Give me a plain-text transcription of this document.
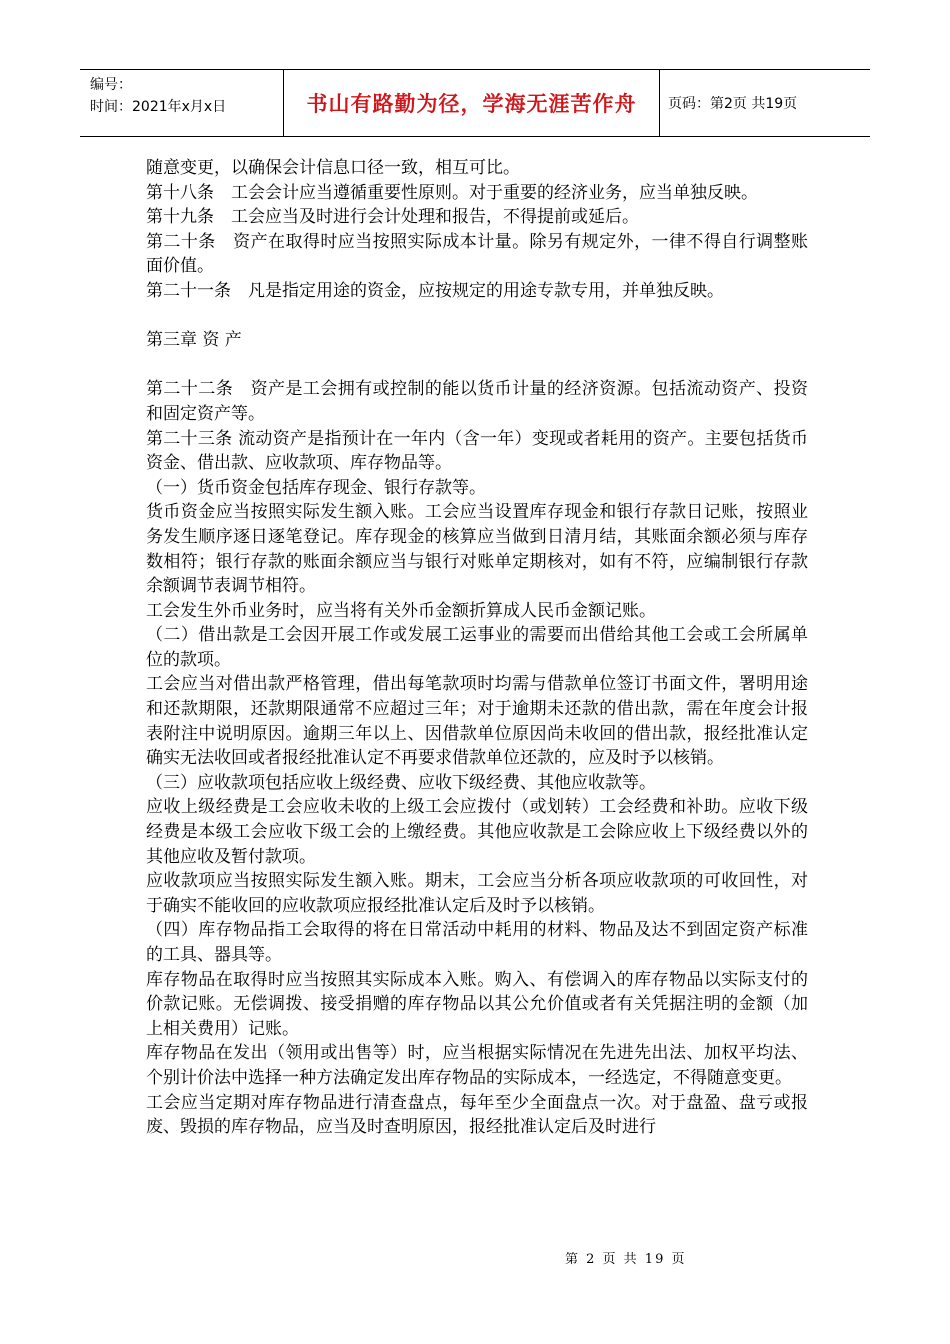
编号：
时间：2021年x月x日	书山有路勤为径，学海无涯苦作舟	页码：第2页 共19页

随意变更，以确保会计信息口径一致，相互可比。

第十八条　工会会计应当遵循重要性原则。对于重要的经济业务，应当单独反映。

第十九条　工会应当及时进行会计处理和报告，不得提前或延后。

第二十条　资产在取得时应当按照实际成本计量。除另有规定外，一律不得自行调整账面价值。

第二十一条　凡是指定用途的资金，应按规定的用途专款专用，并单独反映。

第三章 资 产

第二十二条　资产是工会拥有或控制的能以货币计量的经济资源。包括流动资产、投资和固定资产等。

第二十三条 流动资产是指预计在一年内（含一年）变现或者耗用的资产。主要包括货币资金、借出款、应收款项、库存物品等。

（一）货币资金包括库存现金、银行存款等。

货币资金应当按照实际发生额入账。工会应当设置库存现金和银行存款日记账，按照业务发生顺序逐日逐笔登记。库存现金的核算应当做到日清月结，其账面余额必须与库存数相符；银行存款的账面余额应当与银行对账单定期核对，如有不符，应编制银行存款余额调节表调节相符。

工会发生外币业务时，应当将有关外币金额折算成人民币金额记账。

（二）借出款是工会因开展工作或发展工运事业的需要而出借给其他工会或工会所属单位的款项。

工会应当对借出款严格管理，借出每笔款项时均需与借款单位签订书面文件，署明用途和还款期限，还款期限通常不应超过三年；对于逾期未还款的借出款，需在年度会计报表附注中说明原因。逾期三年以上、因借款单位原因尚未收回的借出款，报经批准认定确实无法收回或者报经批准认定不再要求借款单位还款的，应及时予以核销。

（三）应收款项包括应收上级经费、应收下级经费、其他应收款等。

应收上级经费是工会应收未收的上级工会应拨付（或划转）工会经费和补助。应收下级经费是本级工会应收下级工会的上缴经费。其他应收款是工会除应收上下级经费以外的其他应收及暂付款项。

应收款项应当按照实际发生额入账。期末，工会应当分析各项应收款项的可收回性，对于确实不能收回的应收款项应报经批准认定后及时予以核销。

（四）库存物品指工会取得的将在日常活动中耗用的材料、物品及达不到固定资产标准的工具、器具等。

库存物品在取得时应当按照其实际成本入账。购入、有偿调入的库存物品以实际支付的价款记账。无偿调拨、接受捐赠的库存物品以其公允价值或者有关凭据注明的金额（加上相关费用）记账。

库存物品在发出（领用或出售等）时，应当根据实际情况在先进先出法、加权平均法、个别计价法中选择一种方法确定发出库存物品的实际成本，一经选定，不得随意变更。

工会应当定期对库存物品进行清查盘点，每年至少全面盘点一次。对于盘盈、盘亏或报废、毁损的库存物品，应当及时查明原因，报经批准认定后及时进行

第 2 页 共 19 页
